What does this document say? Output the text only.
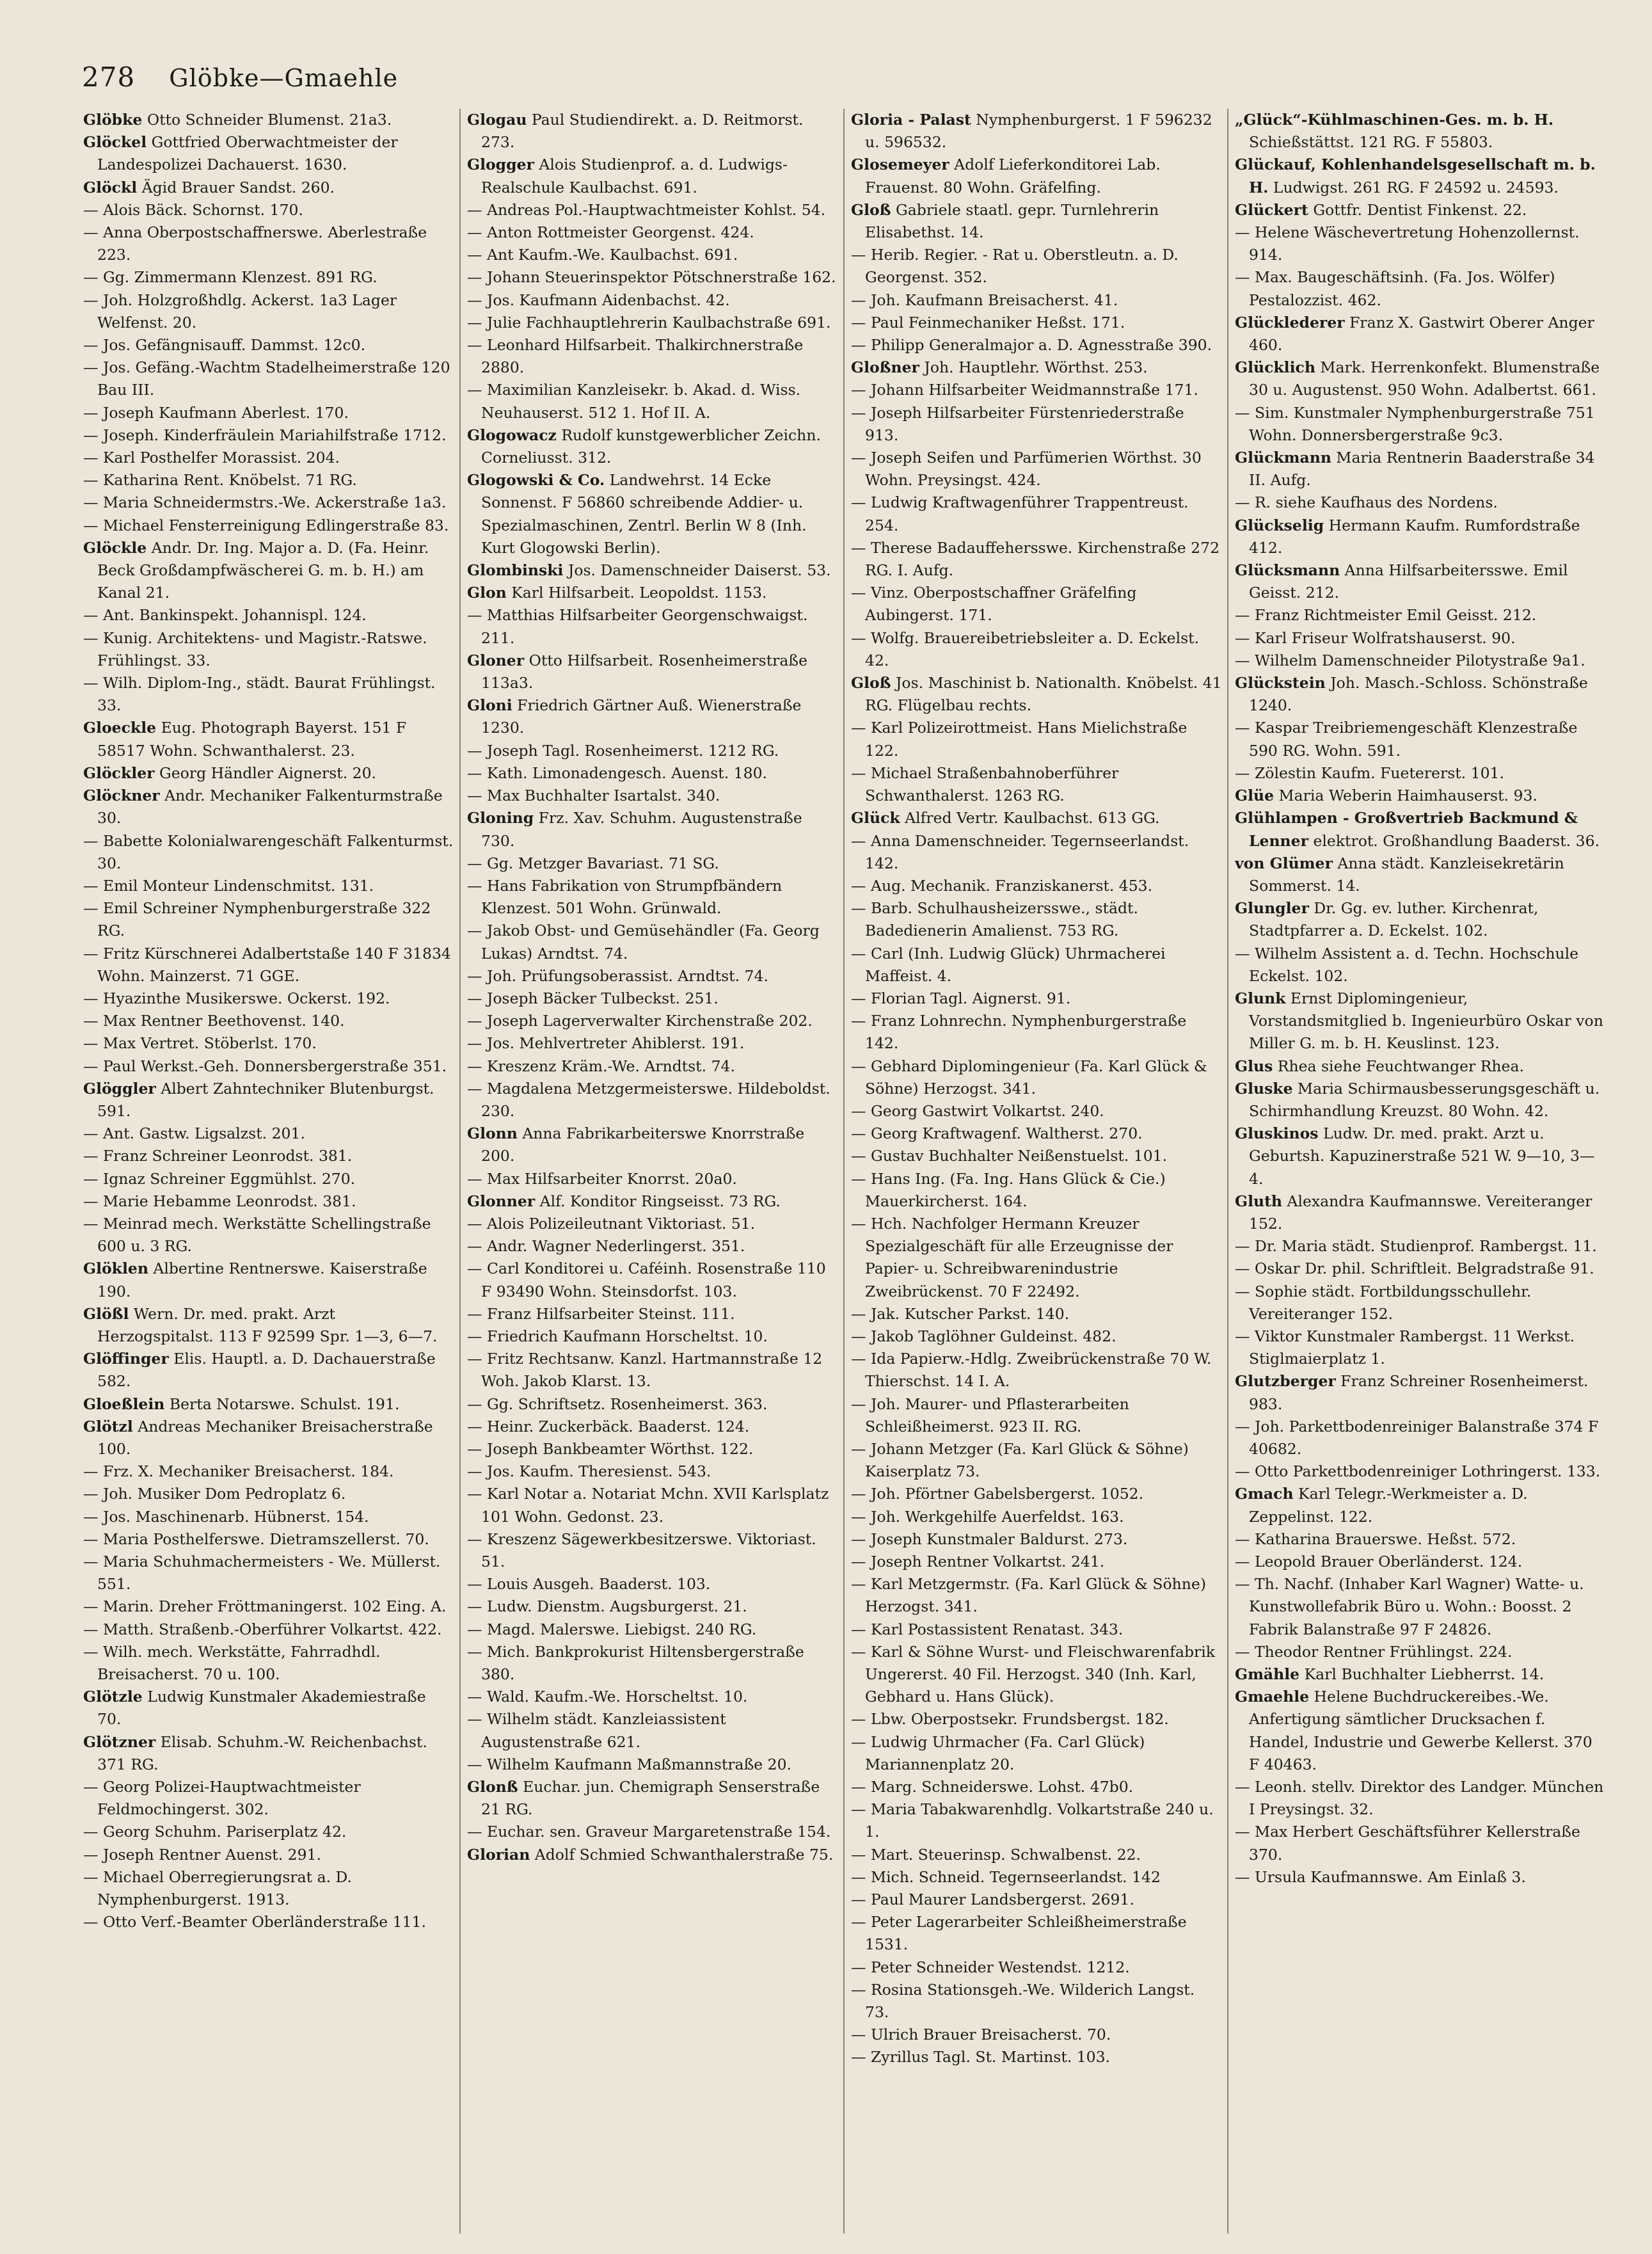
278 Glöbke—Gmaehle

Glöbke Otto Schneider Blumenst. 21a3.

Glöckel Gottfried Oberwachtmeister der Landespolizei Dachauerst. 1630.

Glöckl Ägid Brauer Sandst. 260.

— Alois Bäck. Schornst. 170.

— Anna Oberpostschaffnerswe. Aberlestraße 223.

— Gg. Zimmermann Klenzest. 891 RG.

— Joh. Holzgroßhdlg. Ackerst. 1a3 Lager Welfenst. 20.

— Jos. Gefängnisauff. Dammst. 12c0.

— Jos. Gefäng.-Wachtm Stadelheimerstraße 120 Bau III.

— Joseph Kaufmann Aberlest. 170.

— Joseph. Kinderfräulein Mariahilfstraße 1712.

— Karl Posthelfer Morassist. 204.

— Katharina Rent. Knöbelst. 71 RG.

— Maria Schneidermstrs.-We. Ackerstraße 1a3.

— Michael Fensterreinigung Edlingerstraße 83.

Glöckle Andr. Dr. Ing. Major a. D. (Fa. Heinr. Beck Großdampfwäscherei G. m. b. H.) am Kanal 21.

— Ant. Bankinspekt. Johannispl. 124.

— Kunig. Architektens- und Magistr.-Ratswe. Frühlingst. 33.

— Wilh. Diplom-Ing., städt. Baurat Frühlingst. 33.

Gloeckle Eug. Photograph Bayerst. 151 F 58517 Wohn. Schwanthalerst. 23.

Glöckler Georg Händler Aignerst. 20.

Glöckner Andr. Mechaniker Falkenturmstraße 30.

— Babette Kolonialwarengeschäft Falkenturmst. 30.

— Emil Monteur Lindenschmitst. 131.

— Emil Schreiner Nymphenburgerstraße 322 RG.

— Fritz Kürschnerei Adalbertstaße 140 F 31834 Wohn. Mainzerst. 71 GGE.

— Hyazinthe Musikerswe. Ockerst. 192.

— Max Rentner Beethovenst. 140.

— Max Vertret. Stöberlst. 170.

— Paul Werkst.-Geh. Donnersbergerstraße 351.

Glöggler Albert Zahntechniker Blutenburgst. 591.

— Ant. Gastw. Ligsalzst. 201.

— Franz Schreiner Leonrodst. 381.

— Ignaz Schreiner Eggmühlst. 270.

— Marie Hebamme Leonrodst. 381.

— Meinrad mech. Werkstätte Schellingstraße 600 u. 3 RG.

Glöklen Albertine Rentnerswe. Kaiserstraße 190.

Glößl Wern. Dr. med. prakt. Arzt Herzogspitalst. 113 F 92599 Spr. 1—3, 6—7.

Glöffinger Elis. Hauptl. a. D. Dachauerstraße 582.

Gloeßlein Berta Notarswe. Schulst. 191.

Glötzl Andreas Mechaniker Breisacherstraße 100.

— Frz. X. Mechaniker Breisacherst. 184.

— Joh. Musiker Dom Pedroplatz 6.

— Jos. Maschinenarb. Hübnerst. 154.

— Maria Posthelferswe. Dietramszellerst. 70.

— Maria Schuhmachermeisters - We. Müllerst. 551.

— Marin. Dreher Fröttmaningerst. 102 Eing. A.

— Matth. Straßenb.-Oberführer Volkartst. 422.

— Wilh. mech. Werkstätte, Fahrradhdl. Breisacherst. 70 u. 100.

Glötzle Ludwig Kunstmaler Akademiestraße 70.

Glötzner Elisab. Schuhm.-W. Reichenbachst. 371 RG.

— Georg Polizei-Hauptwachtmeister Feldmochingerst. 302.

— Georg Schuhm. Pariserplatz 42.

— Joseph Rentner Auenst. 291.

— Michael Oberregierungsrat a. D. Nymphenburgerst. 1913.

— Otto Verf.-Beamter Oberländerstraße 111.

Glogau Paul Studiendirekt. a. D. Reitmorst. 273.

Glogger Alois Studienprof. a. d. Ludwigs-Realschule Kaulbachst. 691.

— Andreas Pol.-Hauptwachtmeister Kohlst. 54.

— Anton Rottmeister Georgenst. 424.

— Ant Kaufm.-We. Kaulbachst. 691.

— Johann Steuerinspektor Pötschnerstraße 162.

— Jos. Kaufmann Aidenbachst. 42.

— Julie Fachhauptlehrerin Kaulbachstraße 691.

— Leonhard Hilfsarbeit. Thalkirchnerstraße 2880.

— Maximilian Kanzleisekr. b. Akad. d. Wiss. Neuhauserst. 512 1. Hof II. A.

Glogowacz Rudolf kunstgewerblicher Zeichn. Corneliusst. 312.

Glogowski & Co. Landwehrst. 14 Ecke Sonnenst. F 56860 schreibende Addier- u. Spezialmaschinen, Zentrl. Berlin W 8 (Inh. Kurt Glogowski Berlin).

Glombinski Jos. Damenschneider Daiserst. 53.

Glon Karl Hilfsarbeit. Leopoldst. 1153.

— Matthias Hilfsarbeiter Georgenschwaigst. 211.

Gloner Otto Hilfsarbeit. Rosenheimerstraße 113a3.

Gloni Friedrich Gärtner Auß. Wienerstraße 1230.

— Joseph Tagl. Rosenheimerst. 1212 RG.

— Kath. Limonadengesch. Auenst. 180.

— Max Buchhalter Isartalst. 340.

Gloning Frz. Xav. Schuhm. Augustenstraße 730.

— Gg. Metzger Bavariast. 71 SG.

— Hans Fabrikation von Strumpfbändern Klenzest. 501 Wohn. Grünwald.

— Jakob Obst- und Gemüsehändler (Fa. Georg Lukas) Arndtst. 74.

— Joh. Prüfungsoberassist. Arndtst. 74.

— Joseph Bäcker Tulbeckst. 251.

— Joseph Lagerverwalter Kirchenstraße 202.

— Jos. Mehlvertreter Ahiblerst. 191.

— Kreszenz Kräm.-We. Arndtst. 74.

— Magdalena Metzgermeisterswe. Hildeboldst. 230.

Glonn Anna Fabrikarbeiterswe Knorrstraße 200.

— Max Hilfsarbeiter Knorrst. 20a0.

Glonner Alf. Konditor Ringseisst. 73 RG.

— Alois Polizeileutnant Viktoriast. 51.

— Andr. Wagner Nederlingerst. 351.

— Carl Konditorei u. Caféinh. Rosenstraße 110 F 93490 Wohn. Steinsdorfst. 103.

— Franz Hilfsarbeiter Steinst. 111.

— Friedrich Kaufmann Horscheltst. 10.

— Fritz Rechtsanw. Kanzl. Hartmannstraße 12 Woh. Jakob Klarst. 13.

— Gg. Schriftsetz. Rosenheimerst. 363.

— Heinr. Zuckerbäck. Baaderst. 124.

— Joseph Bankbeamter Wörthst. 122.

— Jos. Kaufm. Theresienst. 543.

— Karl Notar a. Notariat Mchn. XVII Karlsplatz 101 Wohn. Gedonst. 23.

— Kreszenz Sägewerkbesitzerswe. Viktoriast. 51.

— Louis Ausgeh. Baaderst. 103.

— Ludw. Dienstm. Augsburgerst. 21.

— Magd. Malerswe. Liebigst. 240 RG.

— Mich. Bankprokurist Hiltensbergerstraße 380.

— Wald. Kaufm.-We. Horscheltst. 10.

— Wilhelm städt. Kanzleiassistent Augustenstraße 621.

— Wilhelm Kaufmann Maßmannstraße 20.

Glonß Euchar. jun. Chemigraph Senserstraße 21 RG.

— Euchar. sen. Graveur Margaretenstraße 154.

Glorian Adolf Schmied Schwanthalerstraße 75.

Gloria - Palast Nymphenburgerst. 1 F 596232 u. 596532.

Glosemeyer Adolf Lieferkonditorei Lab. Frauenst. 80 Wohn. Gräfelfing.

Gloß Gabriele staatl. gepr. Turnlehrerin Elisabethst. 14.

— Herib. Regier. - Rat u. Oberstleutn. a. D. Georgenst. 352.

— Joh. Kaufmann Breisacherst. 41.

— Paul Feinmechaniker Heßst. 171.

— Philipp Generalmajor a. D. Agnesstraße 390.

Gloßner Joh. Hauptlehr. Wörthst. 253.

— Johann Hilfsarbeiter Weidmannstraße 171.

— Joseph Hilfsarbeiter Fürstenriederstraße 913.

— Joseph Seifen und Parfümerien Wörthst. 30 Wohn. Preysingst. 424.

— Ludwig Kraftwagenführer Trappentreust. 254.

— Therese Badauffehersswe. Kirchenstraße 272 RG. I. Aufg.

— Vinz. Oberpostschaffner Gräfelfing Aubingerst. 171.

— Wolfg. Brauereibetriebsleiter a. D. Eckelst. 42.

Gloß Jos. Maschinist b. Nationalth. Knöbelst. 41 RG. Flügelbau rechts.

— Karl Polizeirottmeist. Hans Mielichstraße 122.

— Michael Straßenbahnoberführer Schwanthalerst. 1263 RG.

Glück Alfred Vertr. Kaulbachst. 613 GG.

— Anna Damenschneider. Tegernseerlandst. 142.

— Aug. Mechanik. Franziskanerst. 453.

— Barb. Schulhausheizersswe., städt. Badedienerin Amalienst. 753 RG.

— Carl (Inh. Ludwig Glück) Uhrmacherei Maffeist. 4.

— Florian Tagl. Aignerst. 91.

— Franz Lohnrechn. Nymphenburgerstraße 142.

— Gebhard Diplomingenieur (Fa. Karl Glück & Söhne) Herzogst. 341.

— Georg Gastwirt Volkartst. 240.

— Georg Kraftwagenf. Waltherst. 270.

— Gustav Buchhalter Neißenstuelst. 101.

— Hans Ing. (Fa. Ing. Hans Glück & Cie.) Mauerkircherst. 164.

— Hch. Nachfolger Hermann Kreuzer Spezialgeschäft für alle Erzeugnisse der Papier- u. Schreibwarenindustrie Zweibrückenst. 70 F 22492.

— Jak. Kutscher Parkst. 140.

— Jakob Taglöhner Guldeinst. 482.

— Ida Papierw.-Hdlg. Zweibrückenstraße 70 W. Thierschst. 14 I. A.

— Joh. Maurer- und Pflasterarbeiten Schleißheimerst. 923 II. RG.

— Johann Metzger (Fa. Karl Glück & Söhne) Kaiserplatz 73.

— Joh. Pförtner Gabelsbergerst. 1052.

— Joh. Werkgehilfe Auerfeldst. 163.

— Joseph Kunstmaler Baldurst. 273.

— Joseph Rentner Volkartst. 241.

— Karl Metzgermstr. (Fa. Karl Glück & Söhne) Herzogst. 341.

— Karl Postassistent Renatast. 343.

— Karl & Söhne Wurst- und Fleischwarenfabrik Ungererst. 40 Fil. Herzogst. 340 (Inh. Karl, Gebhard u. Hans Glück).

— Lbw. Oberpostsekr. Frundsbergst. 182.

— Ludwig Uhrmacher (Fa. Carl Glück) Mariannenplatz 20.

— Marg. Schneiderswe. Lohst. 47b0.

— Maria Tabakwarenhdlg. Volkartstraße 240 u. 1.

— Mart. Steuerinsp. Schwalbenst. 22.

— Mich. Schneid. Tegernseerlandst. 142

— Paul Maurer Landsbergerst. 2691.

— Peter Lagerarbeiter Schleißheimerstraße 1531.

— Peter Schneider Westendst. 1212.

— Rosina Stationsgeh.-We. Wilderich Langst. 73.

— Ulrich Brauer Breisacherst. 70.

— Zyrillus Tagl. St. Martinst. 103.

„Glück“-Kühlmaschinen-Ges. m. b. H. Schießstättst. 121 RG. F 55803.

Glückauf, Kohlenhandelsgesellschaft m. b. H. Ludwigst. 261 RG. F 24592 u. 24593.

Glückert Gottfr. Dentist Finkenst. 22.

— Helene Wäschevertretung Hohenzollernst. 914.

— Max. Baugeschäftsinh. (Fa. Jos. Wölfer) Pestalozzist. 462.

Glücklederer Franz X. Gastwirt Oberer Anger 460.

Glücklich Mark. Herrenkonfekt. Blumenstraße 30 u. Augustenst. 950 Wohn. Adalbertst. 661.

— Sim. Kunstmaler Nymphenburgerstraße 751 Wohn. Donnersbergerstraße 9c3.

Glückmann Maria Rentnerin Baaderstraße 34 II. Aufg.

— R. siehe Kaufhaus des Nordens.

Glückselig Hermann Kaufm. Rumfordstraße 412.

Glücksmann Anna Hilfsarbeitersswe. Emil Geisst. 212.

— Franz Richtmeister Emil Geisst. 212.

— Karl Friseur Wolfratshauserst. 90.

— Wilhelm Damenschneider Pilotystraße 9a1.

Glückstein Joh. Masch.-Schloss. Schönstraße 1240.

— Kaspar Treibriemengeschäft Klenzestraße 590 RG. Wohn. 591.

— Zölestin Kaufm. Fuetererst. 101.

Glüe Maria Weberin Haimhauserst. 93.

Glühlampen - Großvertrieb Backmund & Lenner elektrot. Großhandlung Baaderst. 36.

von Glümer Anna städt. Kanzleisekretärin Sommerst. 14.

Glungler Dr. Gg. ev. luther. Kirchenrat, Stadtpfarrer a. D. Eckelst. 102.

— Wilhelm Assistent a. d. Techn. Hochschule Eckelst. 102.

Glunk Ernst Diplomingenieur, Vorstandsmitglied b. Ingenieurbüro Oskar von Miller G. m. b. H. Keuslinst. 123.

Glus Rhea siehe Feuchtwanger Rhea.

Gluske Maria Schirmausbesserungsgeschäft u. Schirmhandlung Kreuzst. 80 Wohn. 42.

Gluskinos Ludw. Dr. med. prakt. Arzt u. Geburtsh. Kapuzinerstraße 521 W. 9—10, 3—4.

Gluth Alexandra Kaufmannswe. Vereiteranger 152.

— Dr. Maria städt. Studienprof. Rambergst. 11.

— Oskar Dr. phil. Schriftleit. Belgradstraße 91.

— Sophie städt. Fortbildungsschullehr. Vereiteranger 152.

— Viktor Kunstmaler Rambergst. 11 Werkst. Stiglmaierplatz 1.

Glutzberger Franz Schreiner Rosenheimerst. 983.

— Joh. Parkettbodenreiniger Balanstraße 374 F 40682.

— Otto Parkettbodenreiniger Lothringerst. 133.

Gmach Karl Telegr.-Werkmeister a. D. Zeppelinst. 122.

— Katharina Brauerswe. Heßst. 572.

— Leopold Brauer Oberländerst. 124.

— Th. Nachf. (Inhaber Karl Wagner) Watte- u. Kunstwollefabrik Büro u. Wohn.: Boosst. 2 Fabrik Balanstraße 97 F 24826.

— Theodor Rentner Frühlingst. 224.

Gmähle Karl Buchhalter Liebherrst. 14.

Gmaehle Helene Buchdruckereibes.-We. Anfertigung sämtlicher Drucksachen f. Handel, Industrie und Gewerbe Kellerst. 370 F 40463.

— Leonh. stellv. Direktor des Landger. München I Preysingst. 32.

— Max Herbert Geschäftsführer Kellerstraße 370.

— Ursula Kaufmannswe. Am Einlaß 3.
